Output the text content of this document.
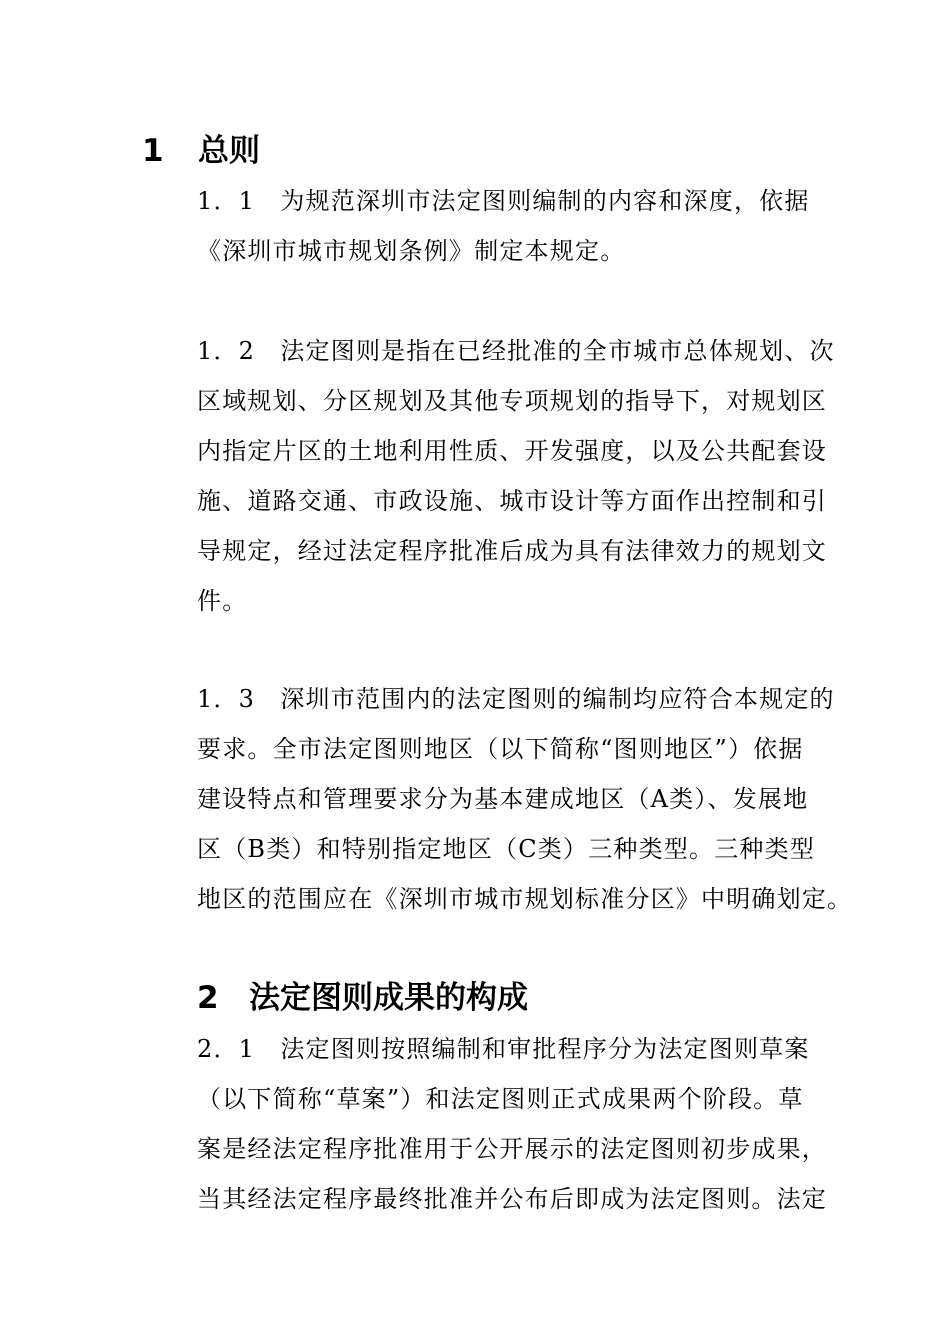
1 总则
1．1　为规范深圳市法定图则编制的内容和深度，依据
《深圳市城市规划条例》制定本规定。
1．2　法定图则是指在已经批准的全市城市总体规划、次
区域规划、分区规划及其他专项规划的指导下，对规划区
内指定片区的土地利用性质、开发强度，以及公共配套设
施、道路交通、市政设施、城市设计等方面作出控制和引
导规定，经过法定程序批准后成为具有法律效力的规划文
件。
1．3　深圳市范围内的法定图则的编制均应符合本规定的
要求。全市法定图则地区（以下简称“图则地区”）依据
建设特点和管理要求分为基本建成地区（A类）、发展地
区（B类）和特别指定地区（C类）三种类型。三种类型
地区的范围应在《深圳市城市规划标准分区》中明确划定。
2 法定图则成果的构成
2．1　法定图则按照编制和审批程序分为法定图则草案
（以下简称“草案”）和法定图则正式成果两个阶段。草
案是经法定程序批准用于公开展示的法定图则初步成果，
当其经法定程序最终批准并公布后即成为法定图则。法定
